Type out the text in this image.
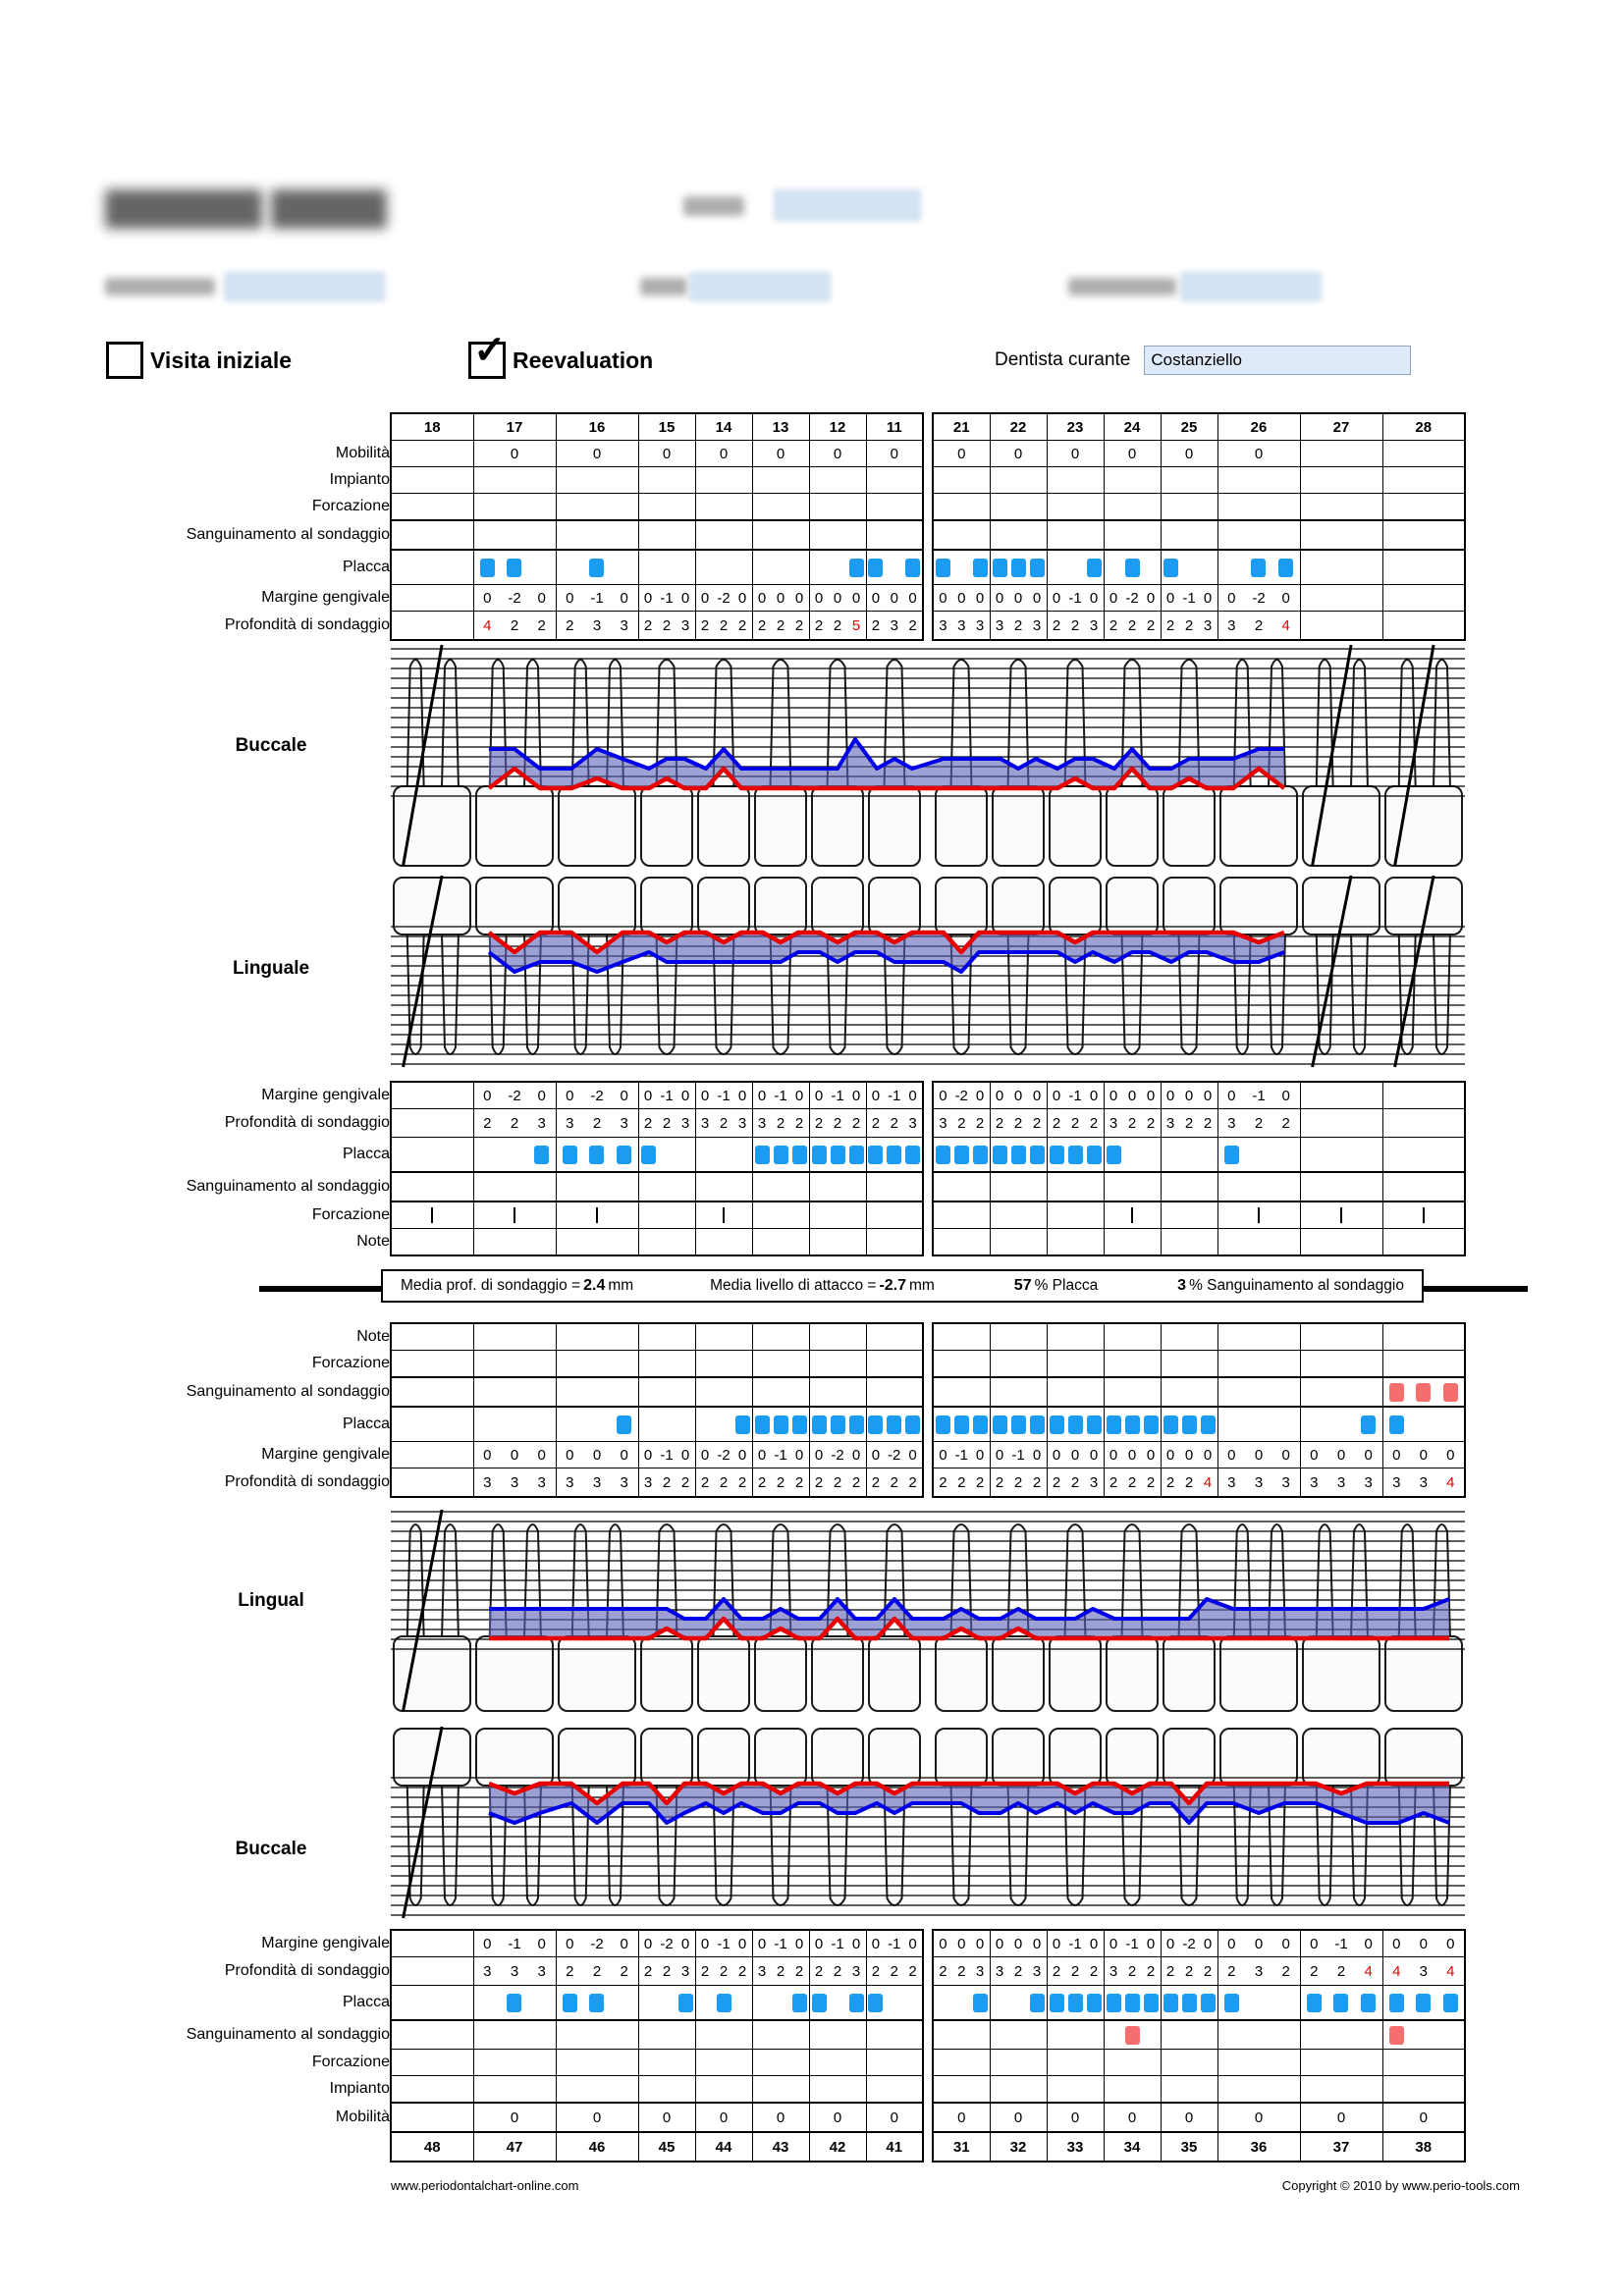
Visita iniziale	✓ Reevaluation	Dentista curante
Costanziello

	18	17	16	15	14	13	12	11		21	22	23	24	25	26	27	28

Mobilità		0	0	0	0	0	0	0		0	0	0	0	0	0		

Impianto																	
Forcazione																	
Sanguinamento al sondaggio																	
Placca		

Margine gengivale		0 -2 0	0 -1 0	0 -1 0	0 -2 0	0 0 0	0 0 0	0 0 0		0 0 0	0 0 0	0 -1 0	0 -2 0	0 -1 0	0 -2 0		

Profondità di sondaggio		4 2 2	2 3 3	2 2 3	2 2 2	2 2 2	2 2 5	2 3 2		3 3 3	3 2 3	2 2 3	2 2 2	2 2 3	3 2 4		

Buccale
Linguale
Margine gengivale		0 -2 0	0 -2 0	0 -1 0	0 -1 0	0 -1 0	0 -1 0	0 -1 0		0 -2 0	0 0 0	0 -1 0	0 0 0	0 0 0	0 -1 0		

Profondità di sondaggio		2 2 3	3 2 3	2 2 3	3 2 3	3 2 2	2 2 2	2 2 3		3 2 2	2 2 2	2 2 2	3 2 2	3 2 2	3 2 2		

Placca		

Sanguinamento al sondaggio																	
Forcazione	

Note																	
Media prof. di sondaggio = 2.4 mm	Media livello di attacco = -2.7 mm	57 % Placca	3 % Sanguinamento al sondaggio
Note																	
Forcazione																	
Sanguinamento al sondaggio																	

Placca			

Margine gengivale		0 0 0	0 0 0	0 -1 0	0 -2 0	0 -1 0	0 -2 0	0 -2 0		0 -1 0	0 -1 0	0 0 0	0 0 0	0 0 0	0 0 0	0 0 0	0 0 0

Profondità di sondaggio		3 3 3	3 3 3	3 2 2	2 2 2	2 2 2	2 2 2	2 2 2		2 2 2	2 2 2	2 2 3	2 2 2	2 2 4	3 3 3	3 3 3	3 3 4
Lingual
Buccale
Margine gengivale		0 -1 0	0 -2 0	0 -2 0	0 -1 0	0 -1 0	0 -1 0	0 -1 0		0 0 0	0 0 0	0 -1 0	0 -1 0	0 -2 0	0 0 0	0 -1 0	0 0 0

Profondità di sondaggio		3 3 3	2 2 2	2 2 3	2 2 2	3 2 2	2 2 3	2 2 2		2 2 3	3 2 3	2 2 2	3 2 2	2 2 2	2 3 2	2 2 4	4 3 4

Placca		

Sanguinamento al sondaggio													

Forcazione																	
Impianto																	
Mobilità		0	0	0	0	0	0	0		0	0	0	0	0	0	0	0

	48	47	46	45	44	43	42	41		31	32	33	34	35	36	37	38
www.periodontalchart-online.com	Copyright © 2010 by www.perio-tools.com
